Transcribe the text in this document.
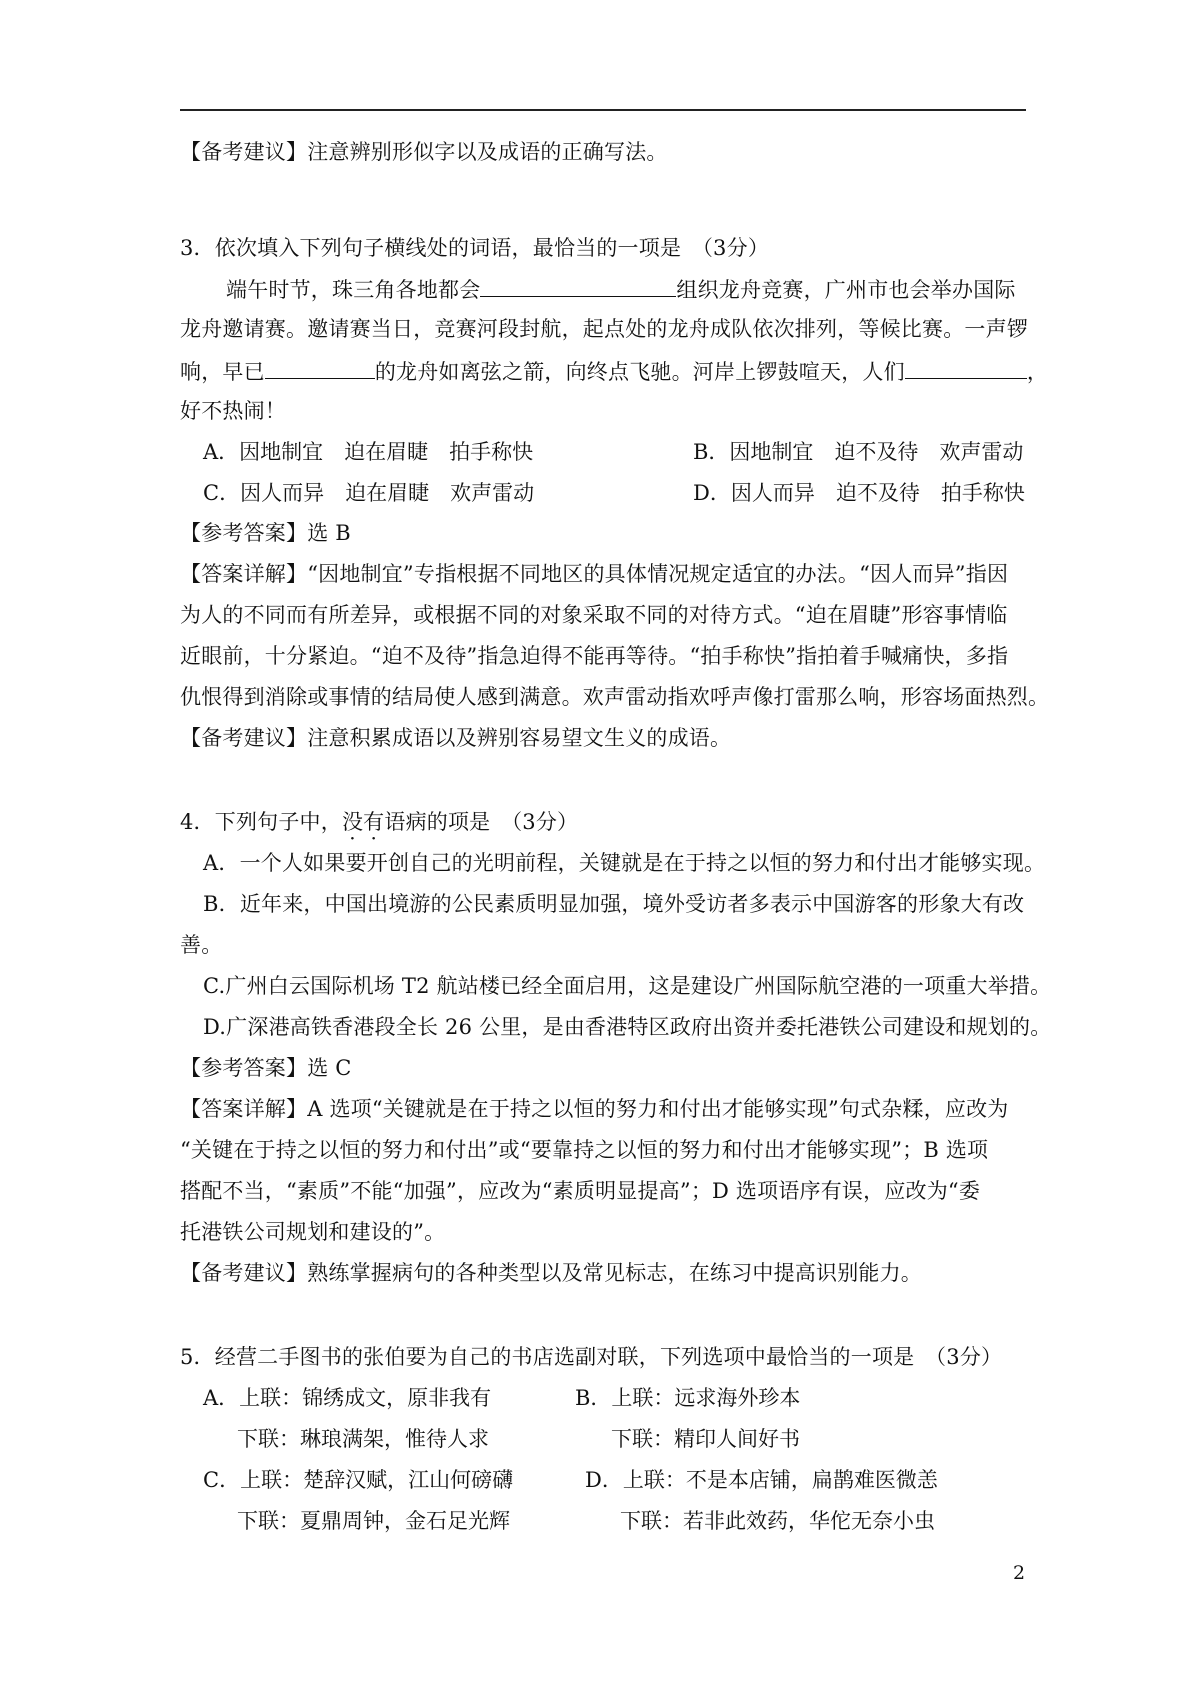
【备考建议】注意辨别形似字以及成语的正确写法。
3．依次填入下列句子横线处的词语，最恰当的一项是　（3分）
端午时节，珠三角各地都会	组织龙舟竞赛，广州市也会举办国际
龙舟邀请赛。邀请赛当日，竞赛河段封航，起点处的龙舟成队依次排列，等候比赛。一声锣
响，早已	的龙舟如离弦之箭，向终点飞驰。河岸上锣鼓喧天，人们	，
好不热闹！
A．因地制宜　迫在眉睫　拍手称快	B．因地制宜　迫不及待　欢声雷动
C．因人而异　迫在眉睫　欢声雷动	D．因人而异　迫不及待　拍手称快
【参考答案】选 B
【答案详解】“因地制宜”专指根据不同地区的具体情况规定适宜的办法。“因人而异”指因
为人的不同而有所差异，或根据不同的对象采取不同的对待方式。“迫在眉睫”形容事情临
近眼前，十分紧迫。“迫不及待”指急迫得不能再等待。“拍手称快”指拍着手喊痛快，多指
仇恨得到消除或事情的结局使人感到满意。欢声雷动指欢呼声像打雷那么响，形容场面热烈。
【备考建议】注意积累成语以及辨别容易望文生义的成语。
4．下列句子中，没有语病的项是　（3分）
A．一个人如果要开创自己的光明前程，关键就是在于持之以恒的努力和付出才能够实现。
B．近年来，中国出境游的公民素质明显加强，境外受访者多表示中国游客的形象大有改
善。
C.广州白云国际机场 T2 航站楼已经全面启用，这是建设广州国际航空港的一项重大举措。
D.广深港高铁香港段全长 26 公里，是由香港特区政府出资并委托港铁公司建设和规划的。
【参考答案】选 C
【答案详解】A 选项“关键就是在于持之以恒的努力和付出才能够实现”句式杂糅，应改为
“关键在于持之以恒的努力和付出”或“要靠持之以恒的努力和付出才能够实现”；B 选项
搭配不当，“素质”不能“加强”，应改为“素质明显提高”；D 选项语序有误，应改为“委
托港铁公司规划和建设的”。
【备考建议】熟练掌握病句的各种类型以及常见标志，在练习中提高识别能力。
5．经营二手图书的张伯要为自己的书店选副对联，下列选项中最恰当的一项是　（3分）
A．上联：锦绣成文，原非我有
下联：琳琅满架，惟待人求
B．上联：远求海外珍本
下联：精印人间好书
C．上联：楚辞汉赋，江山何磅礴
下联：夏鼎周钟，金石足光辉
D．上联：不是本店铺，扁鹊难医微恙
下联：若非此效药，华佗无奈小虫
2
